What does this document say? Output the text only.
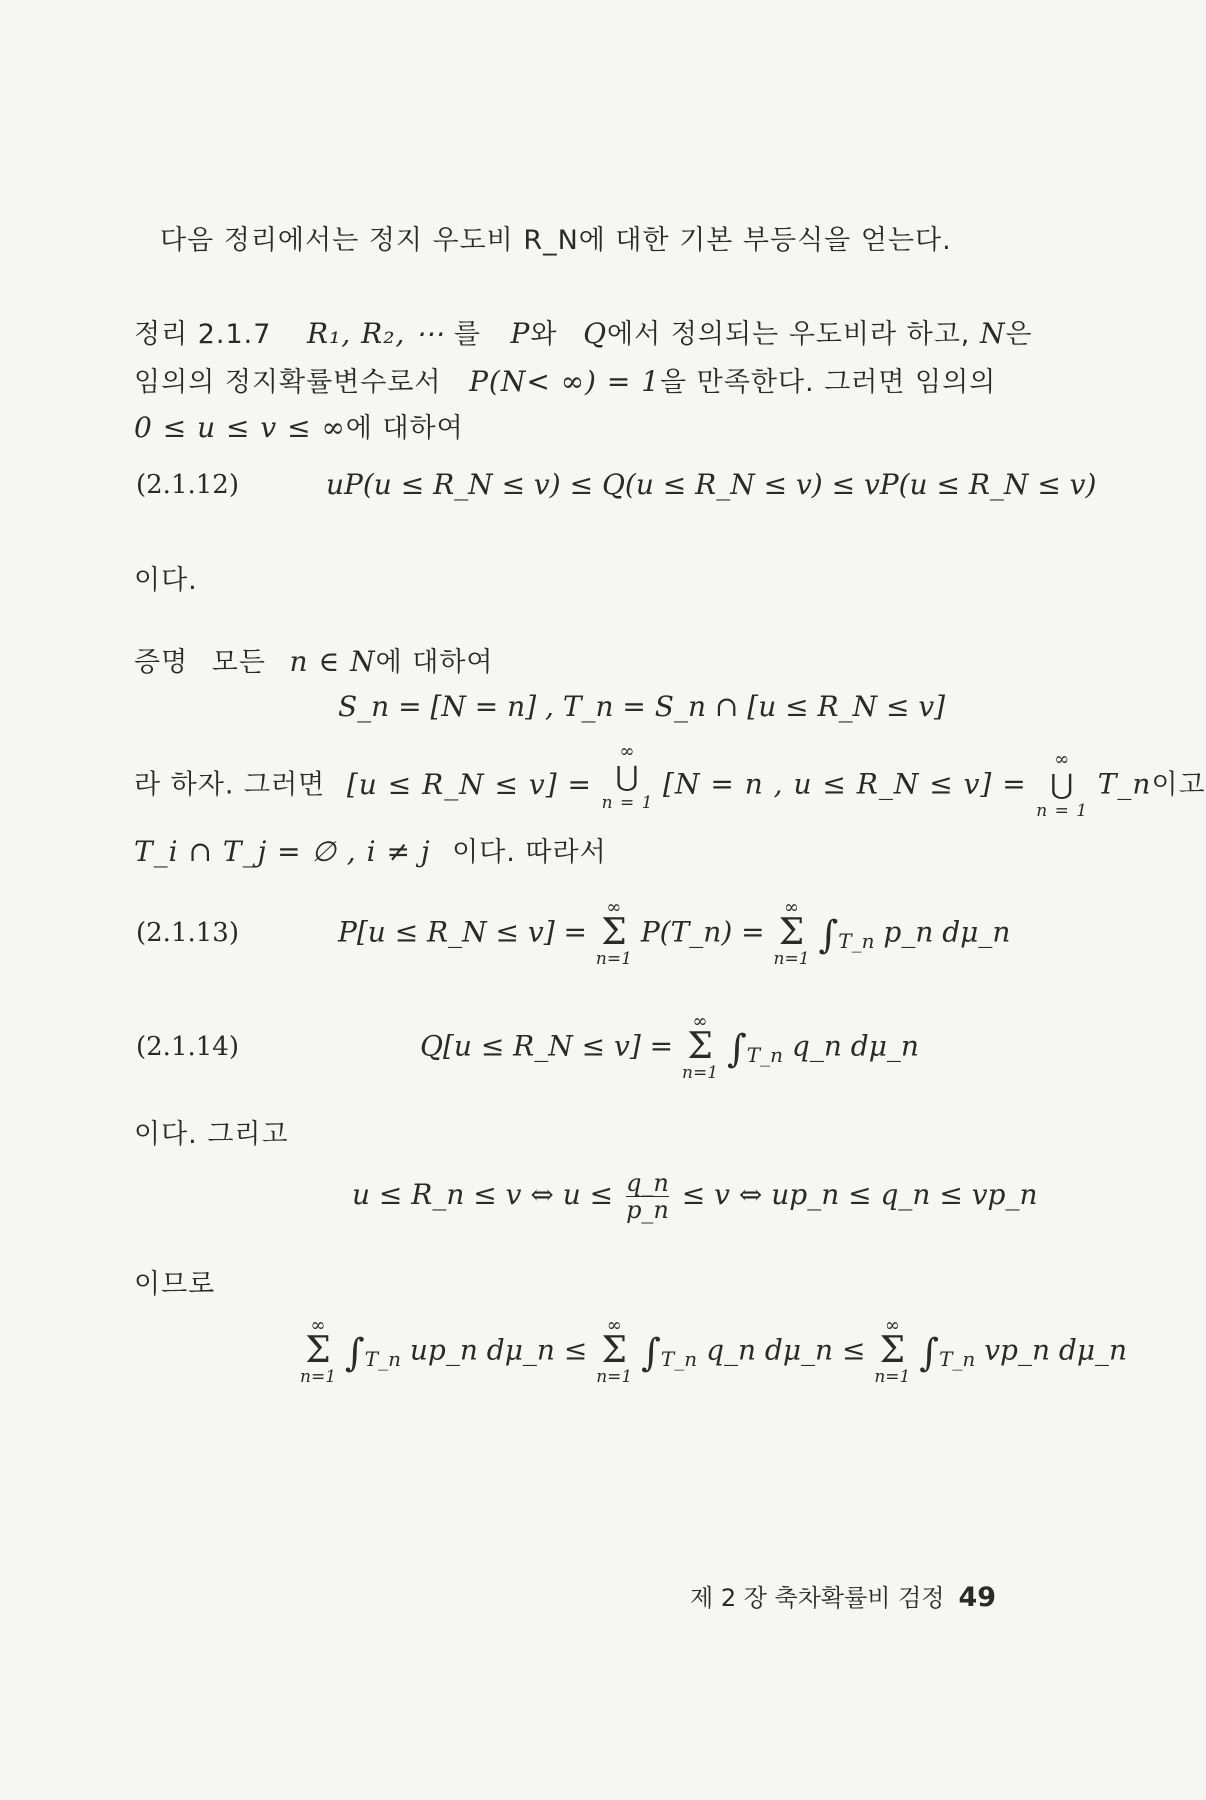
다음 정리에서는 정지 우도비 R_N에 대한 기본 부등식을 얻는다.
정리 2.1.7 R₁, R₂, ⋯ 를 P와 Q에서 정의되는 우도비라 하고, N은
임의의 정지확률변수로서 P(N< ∞) = 1을 만족한다. 그러면 임의의
0 ≤ u ≤ v ≤ ∞에 대하여
(2.1.12)	uP(u ≤ R_N ≤ v) ≤ Q(u ≤ R_N ≤ v) ≤ vP(u ≤ R_N ≤ v)
이다.
증명 모든 n ∈ N에 대하여
S_n = [N = n] , T_n = S_n ∩ [u ≤ R_N ≤ v]
라 하자. 그러면 [u ≤ R_N ≤ v] =
∞
⋃
n = 1
[N = n , u ≤ R_N ≤ v] =
∞
⋃
n = 1
T_n이고
T_i ∩ T_j = ∅ , i ≠ j 이다. 따라서
(2.1.13)	P[u ≤ R_N ≤ v] =
∞
Σ
n=1
P(T_n) =
∞
Σ
n=1
$\int_{T\_n}$ p_n dμ_n
(2.1.14)	Q[u ≤ R_N ≤ v] =
∞
Σ
n=1
$\int_{T\_n}$ q_n dμ_n
이다. 그리고
u ≤ R_n ≤ v ⇔ $u \le \frac{q\_n}{p\_n} \le v$ ⇔ up_n ≤ q_n ≤ vp_n
이므로
∞
Σ
n=1
$\int_{T\_n}$ up_n dμ_n ≤
∞
Σ
n=1
$\int_{T\_n}$ q_n dμ_n ≤
∞
Σ
n=1
$\int_{T\_n}$ vp_n dμ_n
제 2 장 축차확률비 검정 49
